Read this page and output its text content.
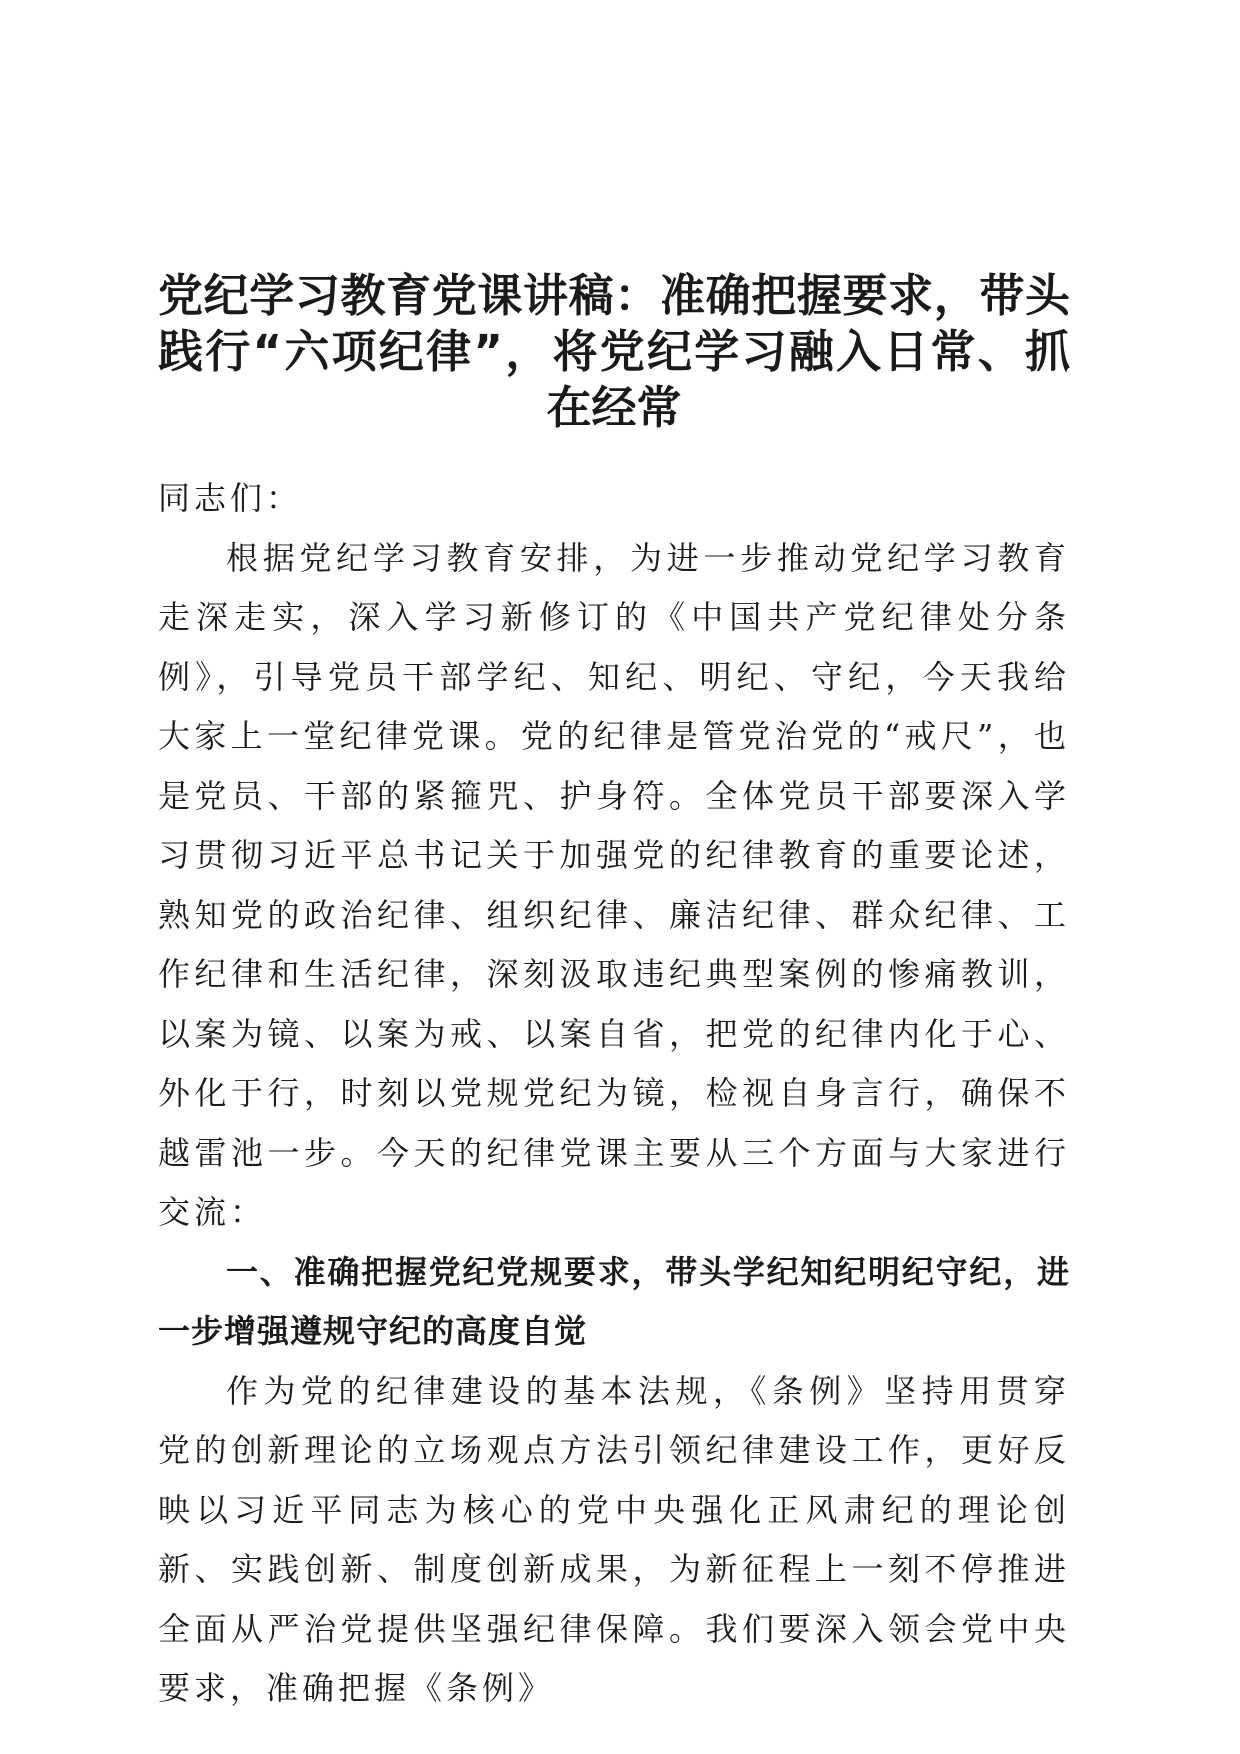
党纪学习教育党课讲稿：准确把握要求，带头践行“六项纪律”，将党纪学习融入日常、抓在经常

同志们：

根据党纪学习教育安排，为进一步推动党纪学习教育走深走实，深入学习新修订的《中国共产党纪律处分条例》，引导党员干部学纪、知纪、明纪、守纪，今天我给大家上一堂纪律党课。党的纪律是管党治党的“戒尺”，也是党员、干部的紧箍咒、护身符。全体党员干部要深入学习贯彻习近平总书记关于加强党的纪律教育的重要论述，熟知党的政治纪律、组织纪律、廉洁纪律、群众纪律、工作纪律和生活纪律，深刻汲取违纪典型案例的惨痛教训，以案为镜、以案为戒、以案自省，把党的纪律内化于心、外化于行，时刻以党规党纪为镜，检视自身言行，确保不越雷池一步。今天的纪律党课主要从三个方面与大家进行交流：

一、准确把握党纪党规要求，带头学纪知纪明纪守纪，进一步增强遵规守纪的高度自觉

作为党的纪律建设的基本法规，《条例》坚持用贯穿党的创新理论的立场观点方法引领纪律建设工作，更好反映以习近平同志为核心的党中央强化正风肃纪的理论创新、实践创新、制度创新成果，为新征程上一刻不停推进全面从严治党提供坚强纪律保障。我们要深入领会党中央要求，准确把握《条例》
